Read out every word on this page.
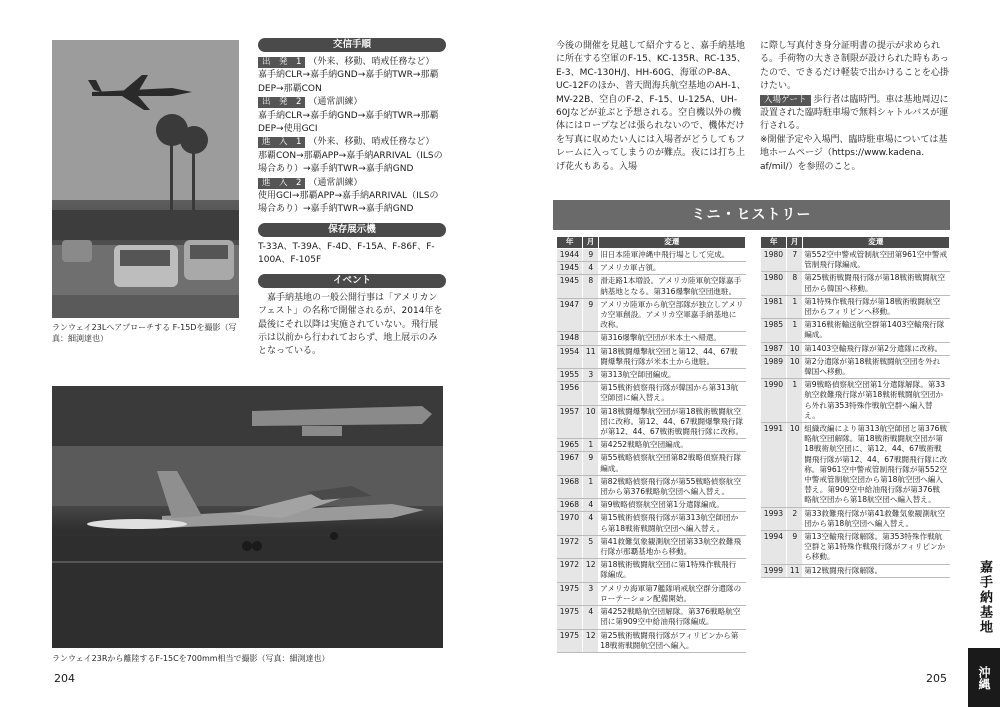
ランウェイ23Lへアプローチする F-15Dを撮影（写真：細渕達也）
ランウェイ23Rから離陸するF-15Cを700mm相当で撮影（写真：細渕達也）
交信手順
出　発　1 （外来、移動、哨戒任務など）
嘉手納CLR→嘉手納GND→嘉手納TWR→那覇DEP→那覇CON
出　発　2 （通常訓練）
嘉手納CLR→嘉手納GND→嘉手納TWR→那覇DEP→使用GCI
進　入　1 （外来、移動、哨戒任務など）
那覇CON→那覇APP→嘉手納ARRIVAL（ILSの場合あり）→嘉手納TWR→嘉手納GND
進　入　2 （通常訓練）
使用GCI→那覇APP→嘉手納ARRIVAL（ILSの場合あり）→嘉手納TWR→嘉手納GND
保存展示機
T-33A、T-39A、F-4D、F-15A、F-86F、F-100A、F-105F
イベント
嘉手納基地の一般公開行事は「アメリカンフェスト」の名称で開催されるが、2014年を最後にそれ以降は実施されていない。飛行展示は以前から行われておらず、地上展示のみとなっている。
今後の開催を見越して紹介すると、嘉手納基地に所在する空軍のF-15、KC-135R、RC-135、E-3、MC-130H/J、HH-60G、海軍のP-8A、UC-12Fのほか、普天間海兵航空基地のAH-1、MV-22B、空自のF-2、F-15、U-125A、UH-60Jなどが並ぶと予想される。空自機以外の機体にはロープなどは張られないので、機体だけを写真に収めたい人には入場者がどうしてもフレームに入ってしまうのが難点。夜には打ち上げ花火もある。入場
に際し写真付き身分証明書の提示が求められる。手荷物の大きさ制限が設けられた時もあったので、できるだけ軽装で出かけることを心掛けたい。
入場ゲート 歩行者は臨時門。車は基地周辺に設置された臨時駐車場で無料シャトルバスが運行される。
※開催予定や入場門、臨時駐車場については基地ホームページ（https://www.kadena. af/mil/）を参照のこと。
ミニ・ヒストリー
年	月	変遷
1944	9	旧日本陸軍沖縄中飛行場として完成。
1945	4	アメリカ軍占領。
1945	8	滑走路1本増設。アメリカ陸軍航空隊嘉手納基地となる。第316爆撃航空団進駐。
1947	9	アメリカ陸軍から航空部隊が独立しアメリカ空軍創設。アメリカ空軍嘉手納基地に改称。
1948		第316爆撃航空団が米本土へ帰還。
1954	11	第18戦闘爆撃航空団と第12、44、67戦闘爆撃飛行隊が米本土から進駐。
1955	3	第313航空師団編成。
1956		第15戦術偵察飛行隊が韓国から第313航空師団に編入替え。
1957	10	第18戦闘爆撃航空団が第18戦術戦闘航空団に改称。第12、44、67戦闘爆撃飛行隊が第12、44、67戦術戦闘飛行隊に改称。
1965	1	第4252戦略航空団編成。
1967	9	第55戦略偵察航空団第82戦略偵察飛行隊編成。
1968	1	第82戦略偵察飛行隊が第55戦略偵察航空団から第376戦略航空団へ編入替え。
1968	4	第9戦略偵察航空団第1分遣隊編成。
1970	4	第15戦術偵察飛行隊が第313航空師団から第18戦術戦闘航空団へ編入替え。
1972	5	第41救難気象観測航空団第33航空救難飛行隊が那覇基地から移動。
1972	12	第18戦術戦闘航空団に第1特殊作戦飛行隊編成。
1975	3	アメリカ海軍第7艦隊哨戒航空群分遣隊のローテーション配備開始。
1975	4	第4252戦略航空団解隊。第376戦略航空団に第909空中給油飛行隊編成。
1975	12	第25戦術戦闘飛行隊がフィリピンから第18戦術戦闘航空団へ編入。
年	月	変遷
1980	7	第552空中警戒管制航空団第961空中警戒管制飛行隊編成。
1980	8	第25戦術戦闘飛行隊が第18戦術戦闘航空団から韓国へ移動。
1981	1	第1特殊作戦飛行隊が第18戦術戦闘航空団からフィリピンへ移動。
1985	1	第316戦術輸送航空群第1403空輸飛行隊編成。
1987	10	第1403空輸飛行隊が第2分遣隊に改称。
1989	10	第2分遣隊が第18戦術戦闘航空団を外れ韓国へ移動。
1990	1	第9戦略偵察航空団第1分遣隊解隊。第33航空救難飛行隊が第18戦術戦闘航空団から外れ第353特殊作戦航空群へ編入替え。
1991	10	組織改編により第313航空師団と第376戦略航空団解隊。第18戦術戦闘航空団が第18戦術航空団に、第12、44、67戦術戦闘飛行隊が第12、44、67戦闘飛行隊に改称。第961空中警戒管制飛行隊が第552空中警戒管制航空団から第18航空団へ編入替え。第909空中給油飛行隊が第376戦略航空団から第18航空団へ編入替え。
1993	2	第33救難飛行隊が第41救難気象観測航空団から第18航空団へ編入替え。
1994	9	第13空輸飛行隊解隊。第353特殊作戦航空群と第1特殊作戦飛行隊がフィリピンから移動。
1999	11	第12戦闘飛行隊解隊。
204	205
嘉手納基地
沖縄
